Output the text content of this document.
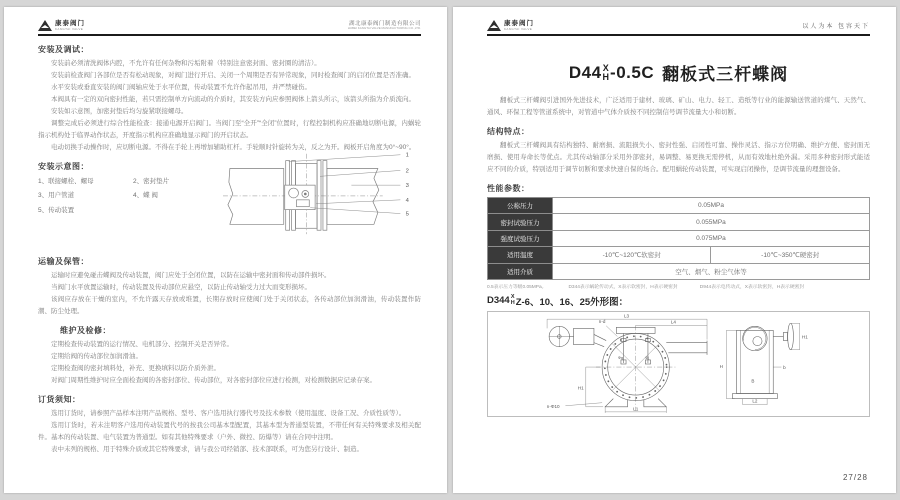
康泰阀门
KANGTAI VALVE
湖北康泰阀门制造有限公司
HUBEI KANGTAI VALVE MANUFACTURING CO.,LTD.
安装及调试：

安装前必须清洗阀体内腔，不允许有任何杂物和污垢附着（特别注意密封面、密封圈的清洁）。

安装前检查阀门各部位是否有松动现象，对阀门进行开启、关闭一个周期是否有异常现象，同时检查阀门的启闭位置是否准确。

水平安装或垂直安装的阀门阀轴应处于水平位置，传动装置不允许作起吊用，并严禁碰伤。

本阀具有一定的双向密封性能，若只需控制单方向流动的介质时，其安装方向应参照阀体上箭头所示，该箭头所指为介质流向。

安装如示意图，加密封垫后均匀旋紧联接螺母。

调整完成后必须进行综合性能检查：接通电源开启阀门。当阀门至“全开”“全闭”位置时，行程控制机构应准确地切断电源，内蜗轮指示机构处于临界动作状态，开度指示机构应准确地显示阀门的开启状态。

电动切换手动操作时，应切断电源。不得在手轮上再增加辅助杠杆。手轮顺时针旋转为关，反之为开。阀板开启角度为0°~90°。

安装示意图：
1、联接螺栓、螺母	2、密封垫片
3、用户管道	4、蝶 阀
5、传动装置
1
2
3
4
5
运输及保管：

运输时应避免碰击蝶阀及传动装置，阀门应处于全闭位置，以防在运输中密封面和传动部件损坏。

当阀门水平放置运输时，传动装置及传动部位应悬空，以防止传动轴受力过大而变形损坏。

该阀应存放在干燥的室内，不允许露天存放或堆置，长期存放时应使阀门处于关闭状态，各传动部位加润滑油，传动装置作防潮、防尘处理。

维护及检修：

定期检查传动装置的运行情况、电机部分、控制开关是否异常。

定期给阀的传动部位加润滑油。

定期检查阀的密封填料处，补充、更换填料以防介质外泄。

对阀门周期性维护时应全面检查阀的各密封部位、传动部位，对各密封部位应进行检测，对检测数据应记录存案。

订货须知：

选用订货时，请参照产品样本注明产品规格、型号、客户选用执行器代号及技术参数（使用温度、设备工况、介质性质等）。

选用订货时，若未注明客户选用传动装置代号的按我公司基本型配置，其基本型为普通型装置，不带任何有关特殊要求及相关配件。基本的传动装置、电气装置为普通型。如有其他特殊要求（户外、微控、防爆等）请在合同中注明。

表中未列的规格、用于特殊介质或其它特殊要求，请与我公司经销部、技术部联系，可为您另行设计、制造。

康泰阀门
KANGTAI VALVE	以人为本 包容天下
D44 X
H -0.5C 翻板式三杆蝶阀

翻板式三杆蝶阀引进国外先进技术，广泛适用于建材、玻璃、矿山、电力、轻工、造纸等行业的能源输送管道的煤气、天然气、通风、环保工程等管道系统中，对管道中气体介质按不同控制信号调节流量大小和切断。

结构特点：

翻板式三杆蝶阀具有结构独特、耐磨损、流阻损失小、密封性强、启闭性可靠、操作灵活、指示方位明确、维护方便、密封面无磨损、使用寿命长等优点。尤其传动轴部分采用外部密封，易调整、易更换无需停机，从而有效地杜绝外漏。采用多种密封形式能适应不同的介质，特别适用于调节切断和要求快速自保的场合。配用蜗轮传动装置，可实现启闭操作，是调节流量的理想设备。

性能参数：
公称压力	0.05MPa	
密封试验压力	0.055MPa	
强度试验压力	0.075MPa	
适用温度	-10℃~120℃软密封	-10℃~350℃硬密封
适用介质	空气、烟气、粉尘气体等	
0.5表示压力等级0.05MPa。	D344表示蜗轮传动式，X表示软密封，H表示硬密封	D944表示电传动式，X表示软密封，H表示硬密封
D344 X
H Z-6、10、16、25外形图：
L3
L4
n-d
H1
L1
n-Φ10
Φg	Φj
H
H1
b
B
L2
27/28
